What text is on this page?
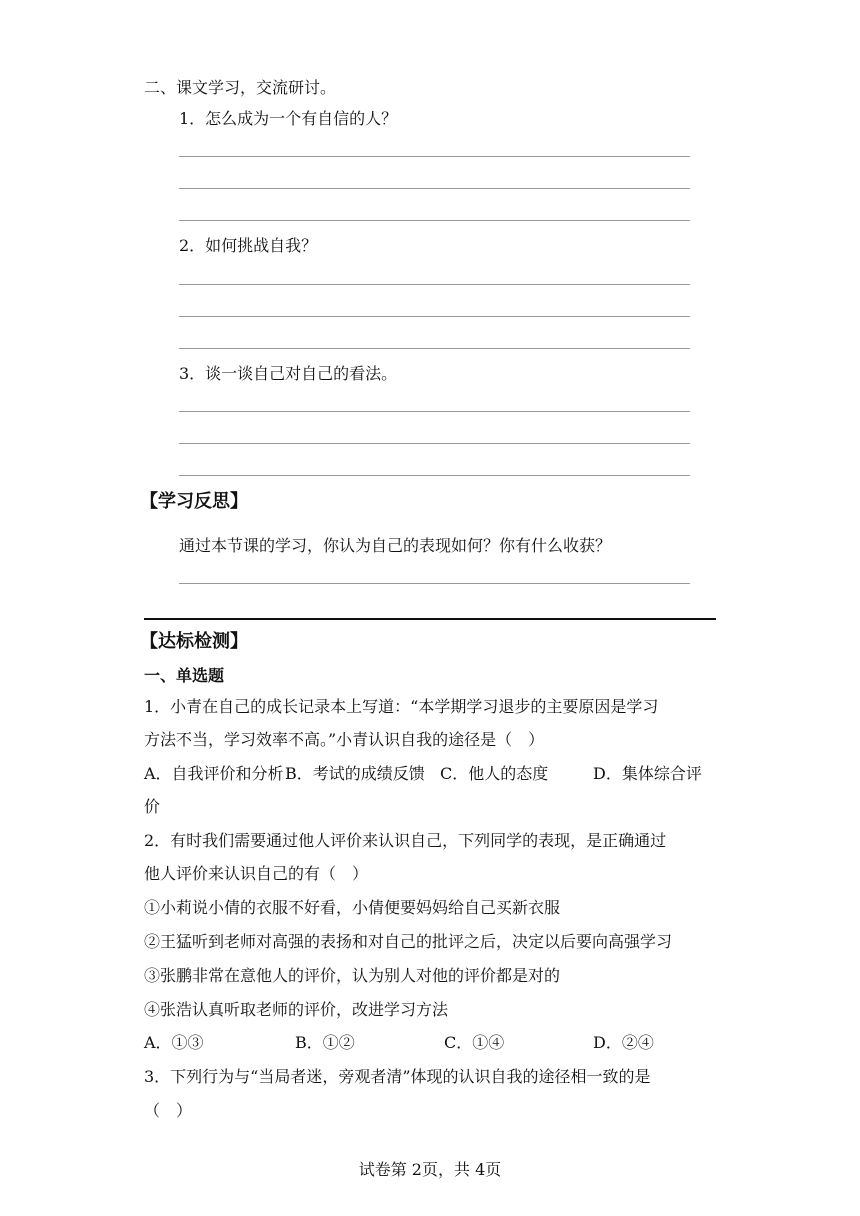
二、课文学习，交流研讨。
1．怎么成为一个有自信的人？
2．如何挑战自我？
3．谈一谈自己对自己的看法。
【学习反思】
通过本节课的学习，你认为自己的表现如何？你有什么收获？
【达标检测】
一、单选题
1．小青在自己的成长记录本上写道：“本学期学习退步的主要原因是学习
方法不当，学习效率不高。”小青认识自我的途径是（　）
A．自我评价和分析 B．考试的成绩反馈 C．他人的态度	D．集体综合评
价
2．有时我们需要通过他人评价来认识自己，下列同学的表现，是正确通过
他人评价来认识自己的有（　）
①小莉说小倩的衣服不好看，小倩便要妈妈给自己买新衣服
②王猛听到老师对高强的表扬和对自己的批评之后，决定以后要向高强学习
③张鹏非常在意他人的评价，认为别人对他的评价都是对的
④张浩认真听取老师的评价，改进学习方法
A．①③	B．①②	C．①④	D．②④
3．下列行为与“当局者迷，旁观者清”体现的认识自我的途径相一致的是
（　）
试卷第 2页，共 4页
